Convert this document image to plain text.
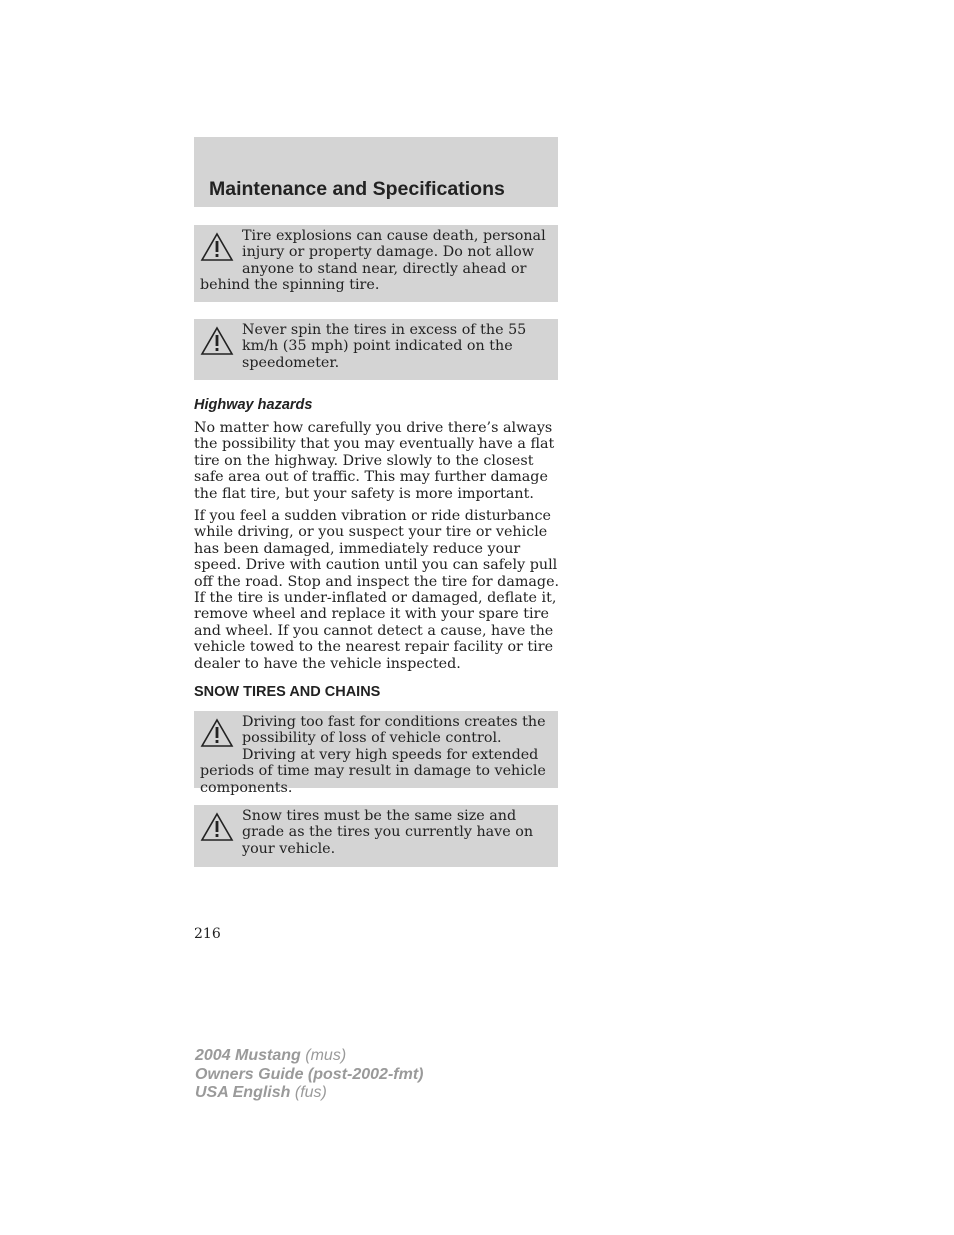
Maintenance and Specifications

Tire explosions can cause death, personal injury or property damage. Do not allow anyone to stand near, directly ahead or behind the spinning tire.

Never spin the tires in excess of the 55 km/h (35 mph) point indicated on the speedometer.

Highway hazards

No matter how carefully you drive there’s always the possibility that you may eventually have a flat tire on the highway. Drive slowly to the closest safe area out of traffic. This may further damage the flat tire, but your safety is more important.

If you feel a sudden vibration or ride disturbance while driving, or you suspect your tire or vehicle has been damaged, immediately reduce your speed. Drive with caution until you can safely pull off the road. Stop and inspect the tire for damage. If the tire is under-inflated or damaged, deflate it, remove wheel and replace it with your spare tire and wheel. If you cannot detect a cause, have the vehicle towed to the nearest repair facility or tire dealer to have the vehicle inspected.

SNOW TIRES AND CHAINS

Driving too fast for conditions creates the possibility of loss of vehicle control. Driving at very high speeds for extended periods of time may result in damage to vehicle components.

Snow tires must be the same size and grade as the tires you currently have on your vehicle.

216
2004 Mustang (mus)
Owners Guide (post-2002-fmt)
USA English (fus)
